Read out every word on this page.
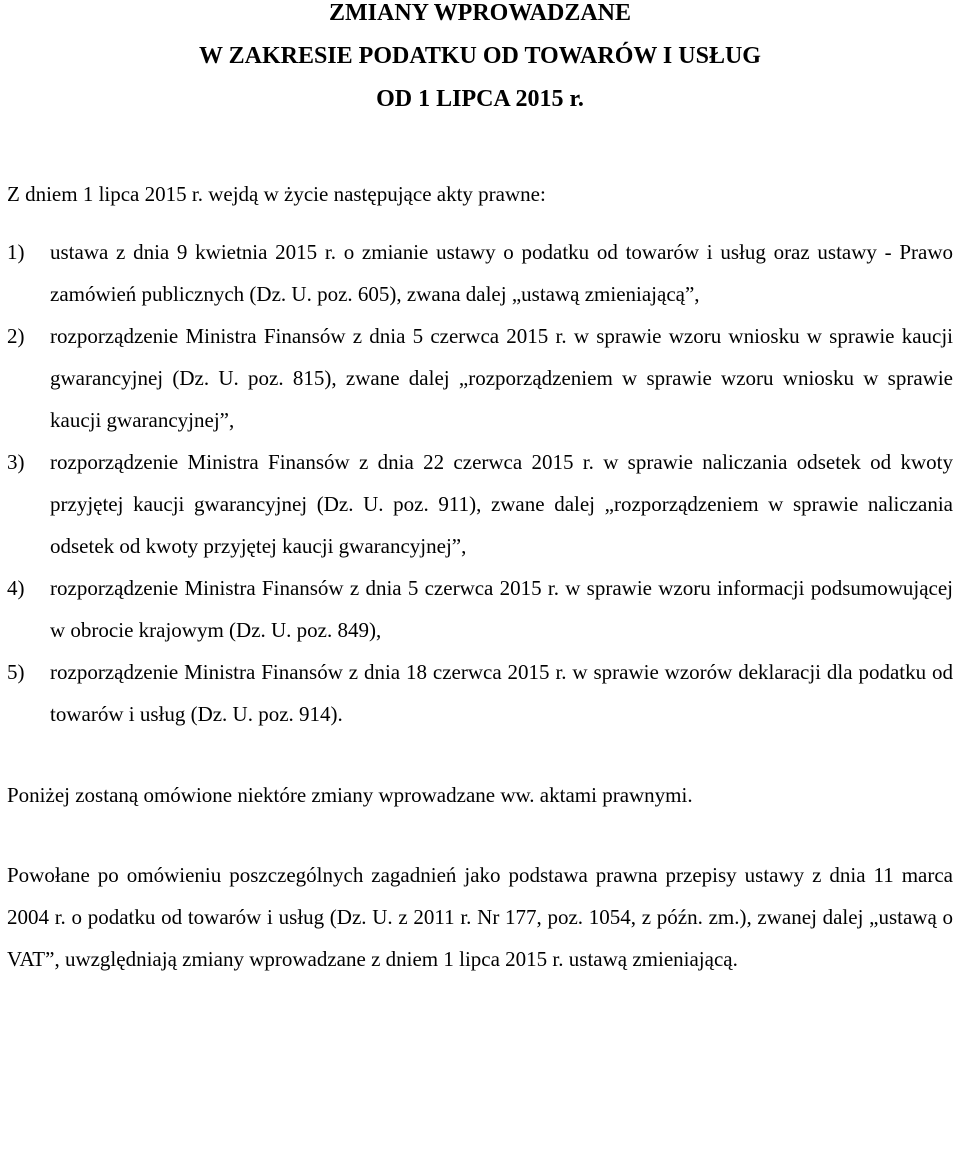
ZMIANY WPROWADZANE
W ZAKRESIE PODATKU OD TOWARÓW I USŁUG
OD 1 LIPCA 2015 r.
Z dniem 1 lipca 2015 r. wejdą w życie następujące akty prawne:
1) ustawa z dnia 9 kwietnia 2015 r. o zmianie ustawy o podatku od towarów i usług oraz ustawy - Prawo zamówień publicznych (Dz. U. poz. 605), zwana dalej „ustawą zmieniającą”,
2) rozporządzenie Ministra Finansów z dnia 5 czerwca 2015 r. w sprawie wzoru wniosku w sprawie kaucji gwarancyjnej (Dz. U. poz. 815), zwane dalej „rozporządzeniem w sprawie wzoru wniosku w sprawie kaucji gwarancyjnej”,
3) rozporządzenie Ministra Finansów z dnia 22 czerwca 2015 r. w sprawie naliczania odsetek od kwoty przyjętej kaucji gwarancyjnej (Dz. U. poz. 911), zwane dalej „rozporządzeniem w sprawie naliczania odsetek od kwoty przyjętej kaucji gwarancyjnej”,
4) rozporządzenie Ministra Finansów z dnia 5 czerwca 2015 r. w sprawie wzoru informacji podsumowującej w obrocie krajowym (Dz. U. poz. 849),
5) rozporządzenie Ministra Finansów z dnia 18 czerwca 2015 r. w sprawie wzorów deklaracji dla podatku od towarów i usług (Dz. U. poz. 914).

Poniżej zostaną omówione niektóre zmiany wprowadzane ww. aktami prawnymi.

Powołane po omówieniu poszczególnych zagadnień jako podstawa prawna przepisy ustawy z dnia 11 marca 2004 r. o podatku od towarów i usług (Dz. U. z 2011 r. Nr 177, poz. 1054, z późn. zm.), zwanej dalej „ustawą o VAT”, uwzględniają zmiany wprowadzane z dniem 1 lipca 2015 r. ustawą zmieniającą.
